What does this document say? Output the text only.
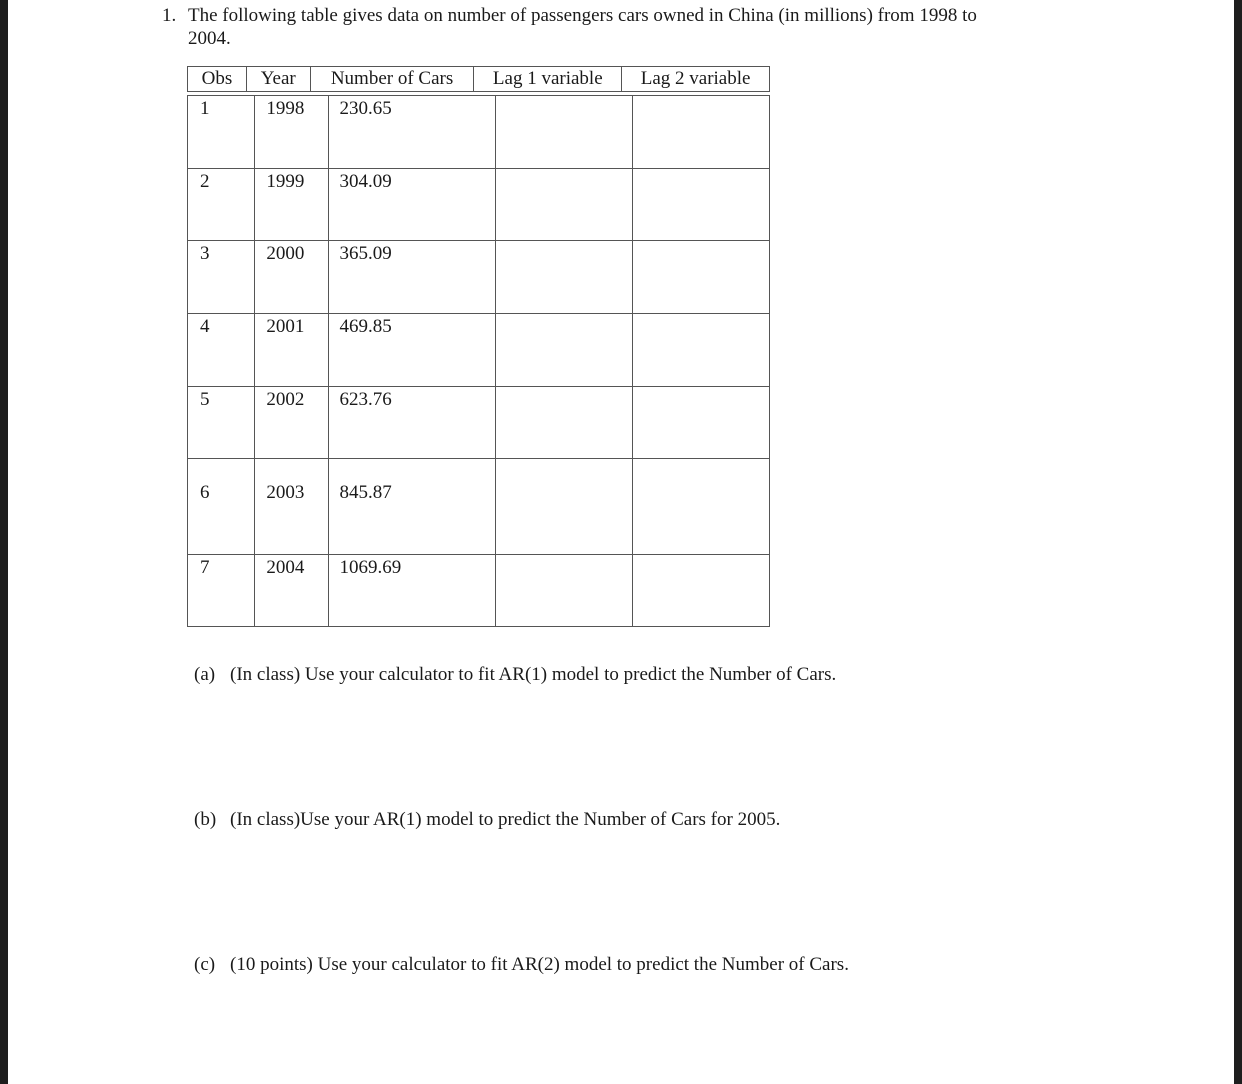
1. The following table gives data on number of passengers cars owned in China (in millions) from 1998 to
2004.
Obs	Year	Number of Cars	Lag 1 variable	Lag 2 variable
1	1998	230.65		
2	1999	304.09		
3	2000	365.09		
4	2001	469.85		
5	2002	623.76		
6	2003	845.87		
7	2004	1069.69		
(a) (In class) Use your calculator to fit AR(1) model to predict the Number of Cars.
(b) (In class)Use your AR(1) model to predict the Number of Cars for 2005.
(c) (10 points) Use your calculator to fit AR(2) model to predict the Number of Cars.
